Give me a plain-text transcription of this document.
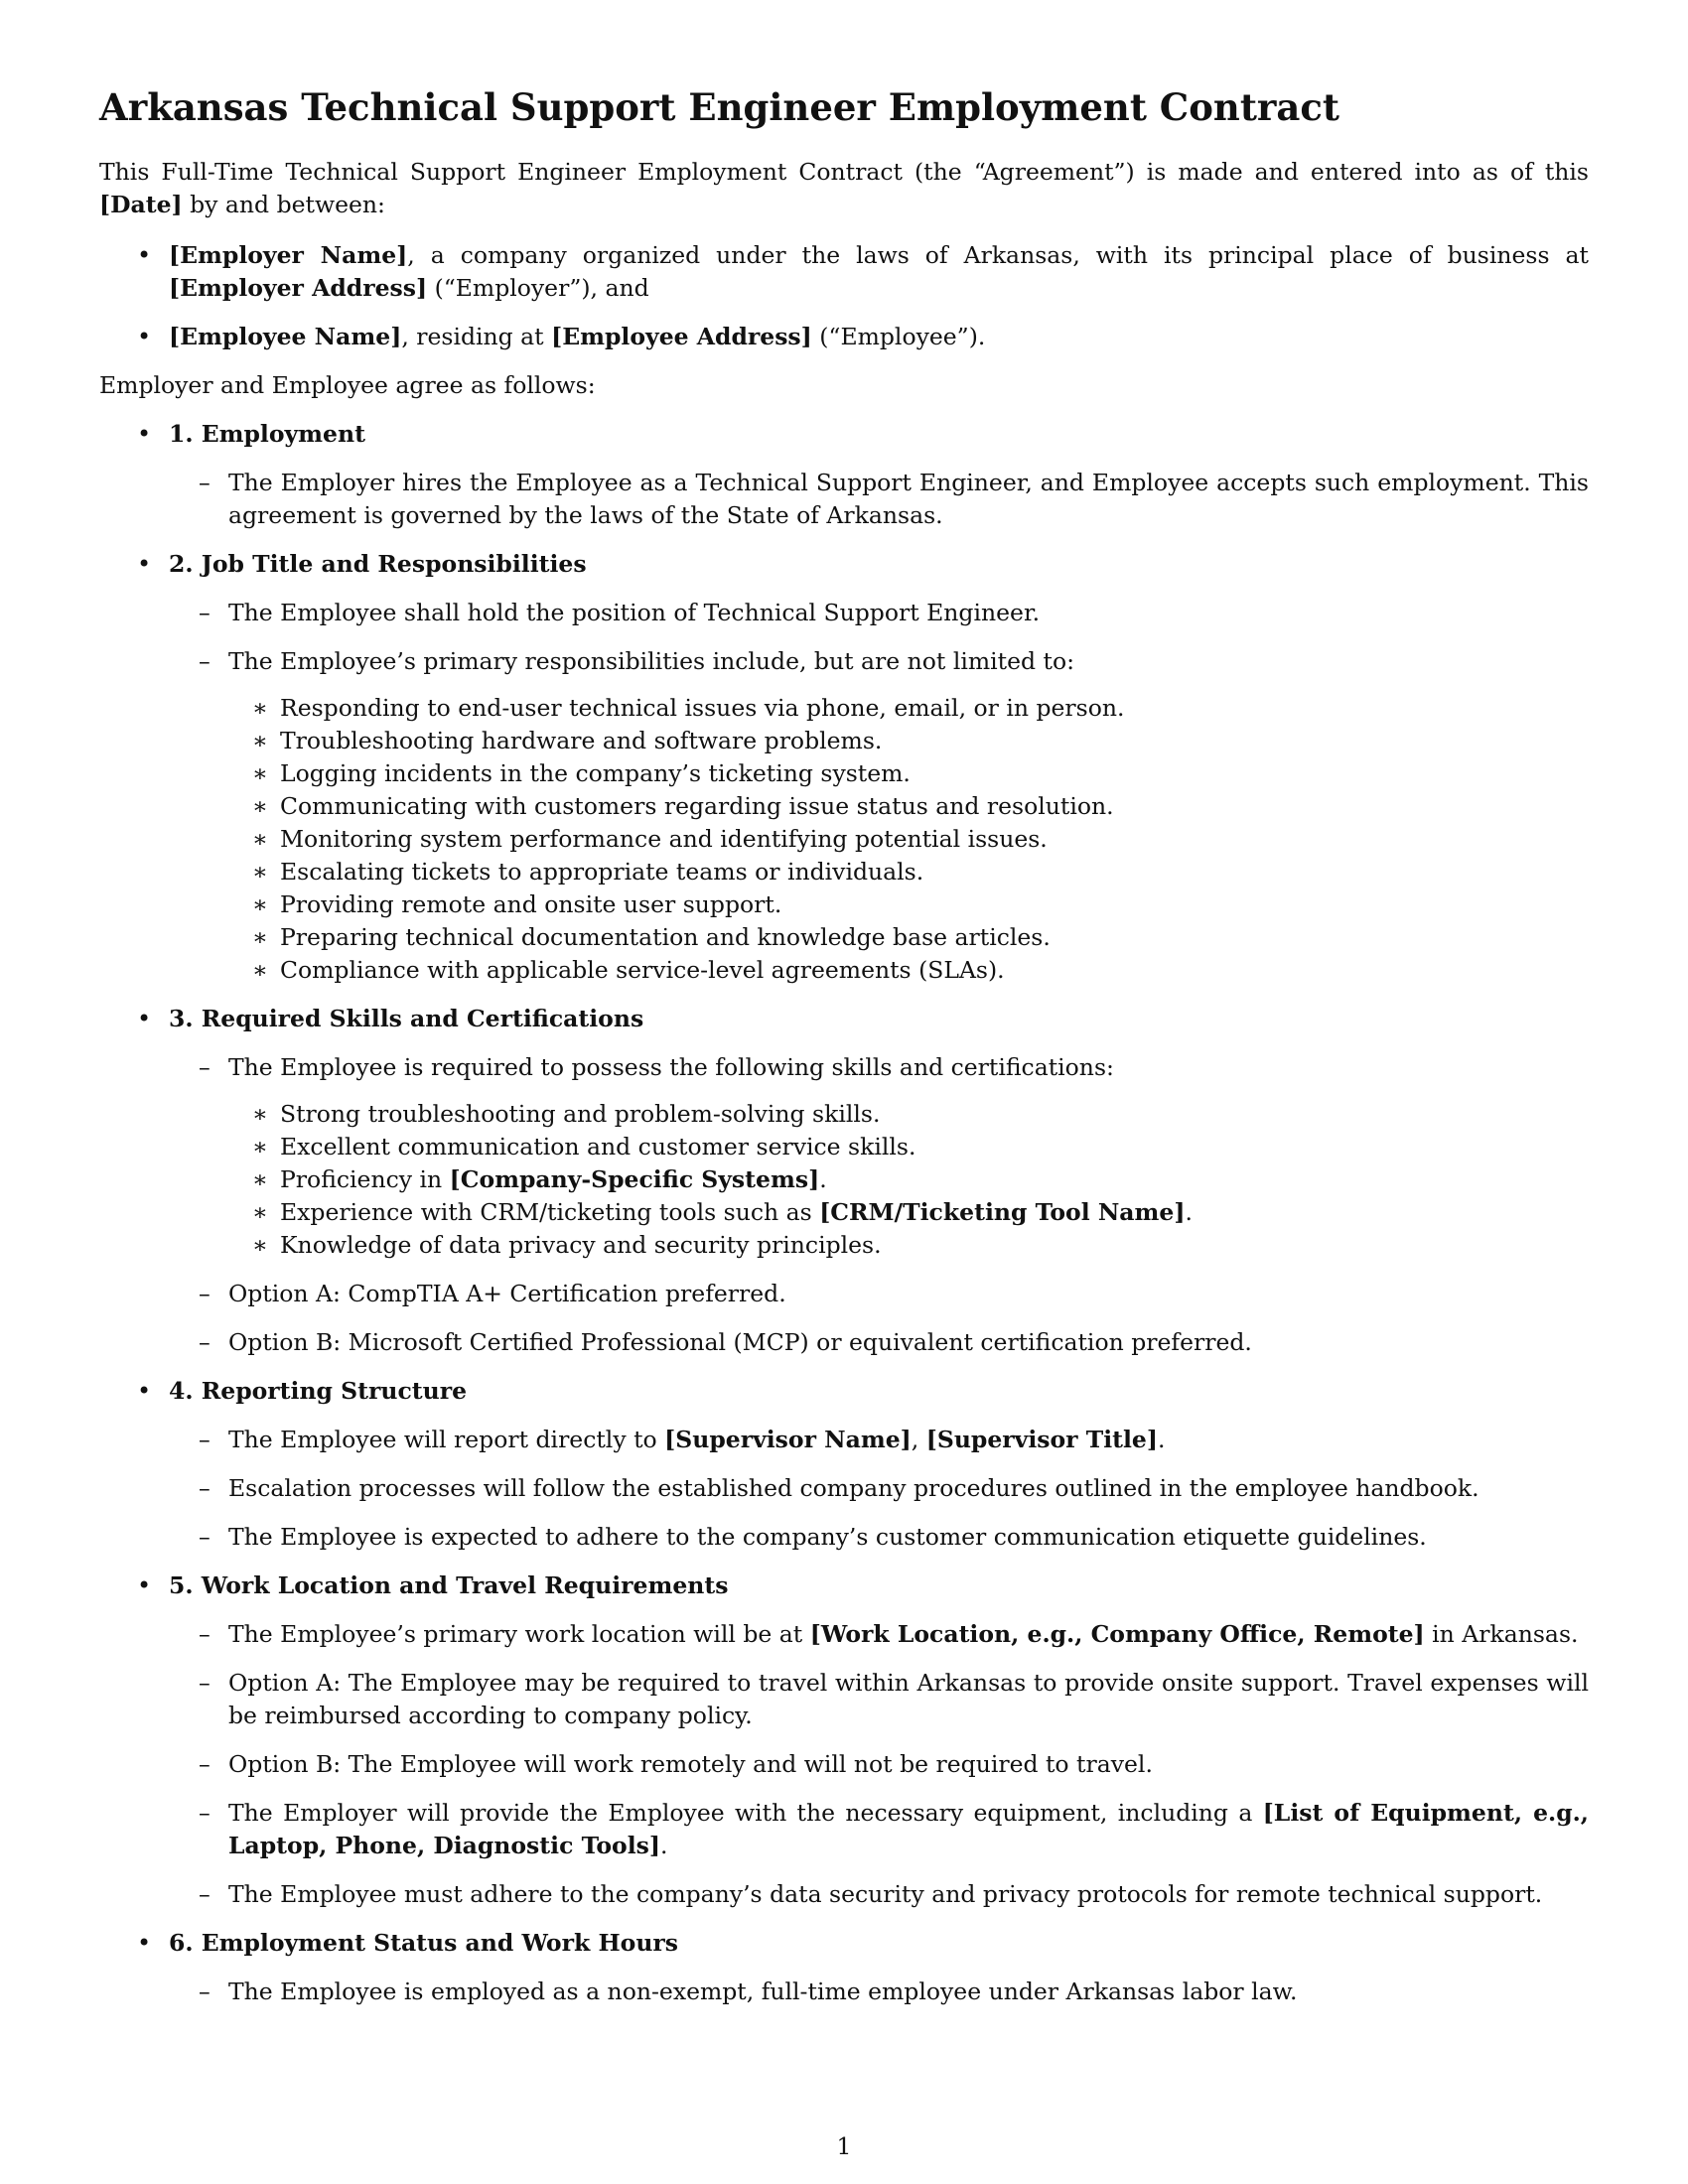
Arkansas Technical Support Engineer Employment Contract

This Full-Time Technical Support Engineer Employment Contract (the “Agreement”) is made and entered into as of this [Date] by and between:

• [Employer Name], a company organized under the laws of Arkansas, with its principal place of business at [Employer Address] (“Employer”), and
• [Employee Name], residing at [Employee Address] (“Employee”).

Employer and Employee agree as follows:

• 1. Employment
– The Employer hires the Employee as a Technical Support Engineer, and Employee accepts such employment. This agreement is governed by the laws of the State of Arkansas.
• 2. Job Title and Responsibilities
– The Employee shall hold the position of Technical Support Engineer.
– The Employee’s primary responsibilities include, but are not limited to:
∗ Responding to end-user technical issues via phone, email, or in person.
∗ Troubleshooting hardware and software problems.
∗ Logging incidents in the company’s ticketing system.
∗ Communicating with customers regarding issue status and resolution.
∗ Monitoring system performance and identifying potential issues.
∗ Escalating tickets to appropriate teams or individuals.
∗ Providing remote and onsite user support.
∗ Preparing technical documentation and knowledge base articles.
∗ Compliance with applicable service-level agreements (SLAs).
• 3. Required Skills and Certifications
– The Employee is required to possess the following skills and certifications:
∗ Strong troubleshooting and problem-solving skills.
∗ Excellent communication and customer service skills.
∗ Proficiency in [Company-Specific Systems].
∗ Experience with CRM/ticketing tools such as [CRM/Ticketing Tool Name].
∗ Knowledge of data privacy and security principles.
– Option A: CompTIA A+ Certification preferred.
– Option B: Microsoft Certified Professional (MCP) or equivalent certification preferred.
• 4. Reporting Structure
– The Employee will report directly to [Supervisor Name], [Supervisor Title].
– Escalation processes will follow the established company procedures outlined in the employee handbook.
– The Employee is expected to adhere to the company’s customer communication etiquette guidelines.
• 5. Work Location and Travel Requirements
– The Employee’s primary work location will be at [Work Location, e.g., Company Office, Remote] in Arkansas.
– Option A: The Employee may be required to travel within Arkansas to provide onsite support. Travel expenses will be reimbursed according to company policy.
– Option B: The Employee will work remotely and will not be required to travel.
– The Employer will provide the Employee with the necessary equipment, including a [List of Equipment, e.g., Laptop, Phone, Diagnostic Tools].
– The Employee must adhere to the company’s data security and privacy protocols for remote technical support.
• 6. Employment Status and Work Hours
– The Employee is employed as a non-exempt, full-time employee under Arkansas labor law.
1
